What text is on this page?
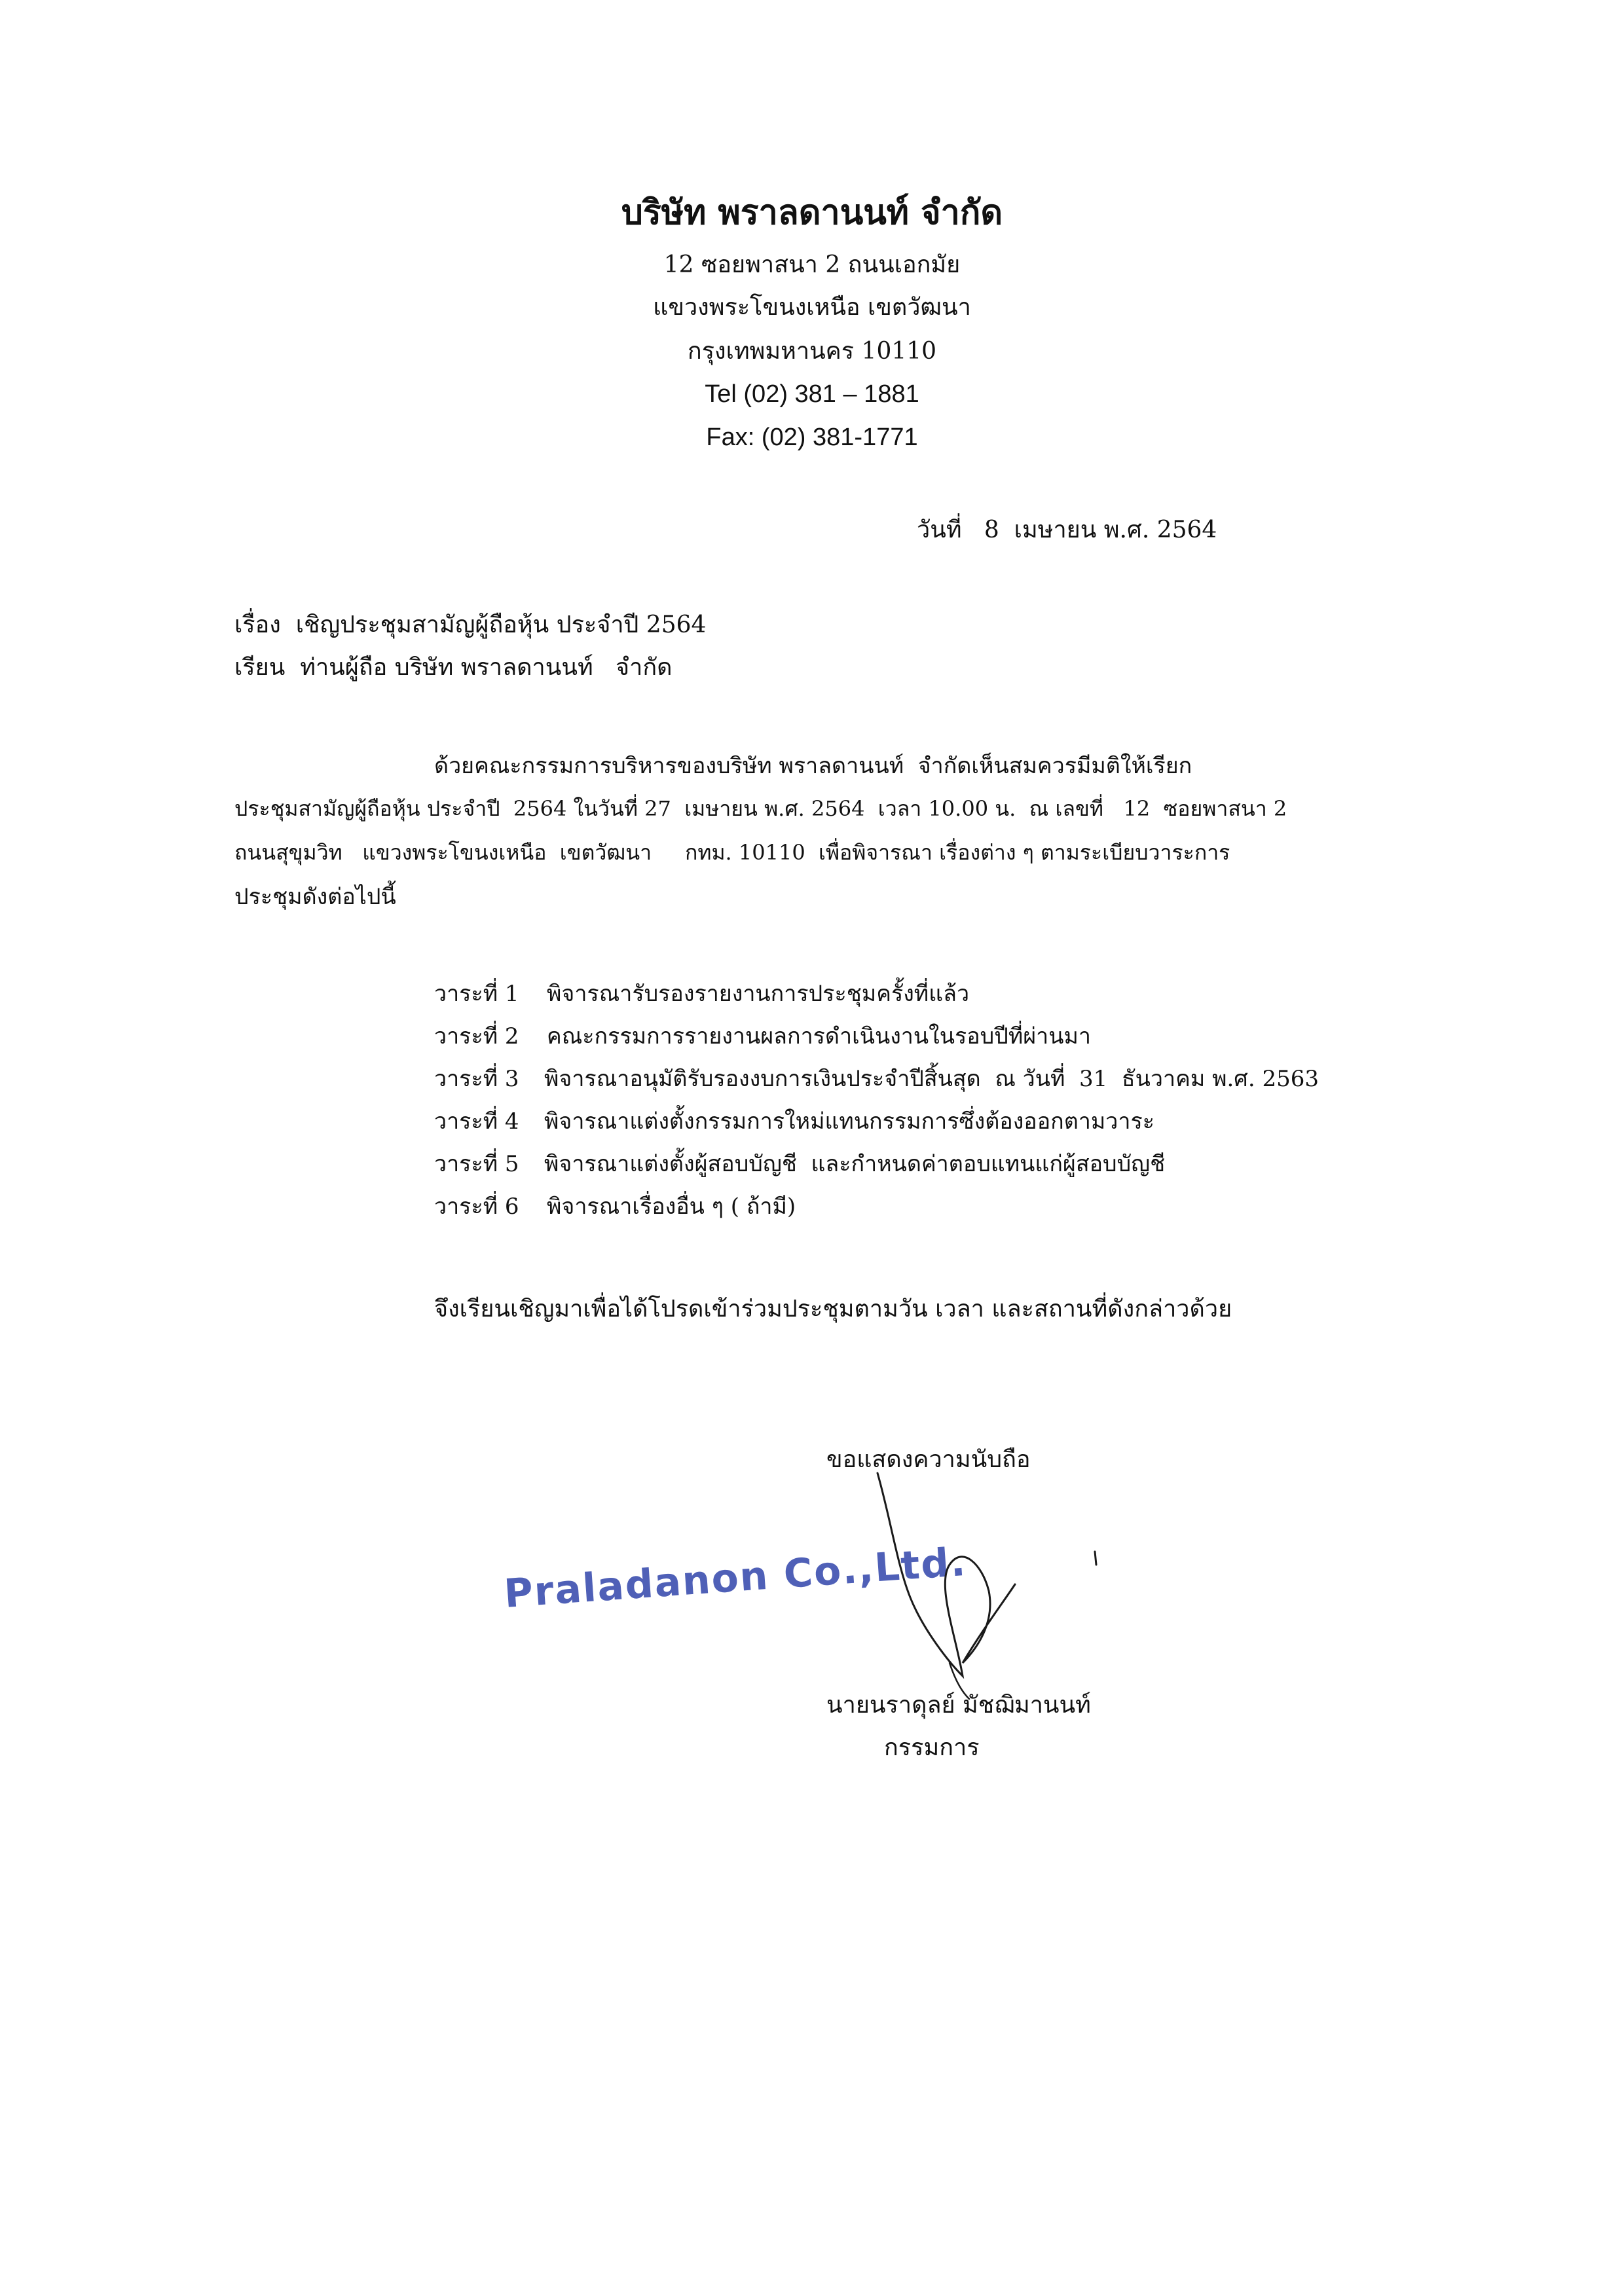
บริษัท พราลดานนท์ จำกัด

12 ซอยพาสนา 2 ถนนเอกมัย

แขวงพระโขนงเหนือ เขตวัฒนา

กรุงเทพมหานคร 10110

Tel (02) 381 – 1881

Fax: (02) 381-1771

วันที่   8  เมษายน พ.ศ. 2564
เรื่อง  เชิญประชุมสามัญผู้ถือหุ้น ประจำปี 2564
เรียน  ท่านผู้ถือ บริษัท พราลดานนท์   จำกัด
ด้วยคณะกรรมการบริหารของบริษัท พราลดานนท์  จำกัดเห็นสมควรมีมติให้เรียก
ประชุมสามัญผู้ถือหุ้น ประจำปี  2564 ในวันที่ 27  เมษายน พ.ศ. 2564  เวลา 10.00 น.  ณ เลขที่   12  ซอยพาสนา 2
ถนนสุขุมวิท   แขวงพระโขนงเหนือ  เขตวัฒนา     กทม. 10110  เพื่อพิจารณา เรื่องต่าง ๆ ตามระเบียบวาระการ
ประชุมดังต่อไปนี้
วาระที่ 1 พิจารณารับรองรายงานการประชุมครั้งที่แล้ว
วาระที่ 2 คณะกรรมการรายงานผลการดำเนินงานในรอบปีที่ผ่านมา
วาระที่ 3 พิจารณาอนุมัติรับรองงบการเงินประจำปีสิ้นสุด  ณ วันที่  31  ธันวาคม พ.ศ. 2563
วาระที่ 4 พิจารณาแต่งตั้งกรรมการใหม่แทนกรรมการซึ่งต้องออกตามวาระ
วาระที่ 5 พิจารณาแต่งตั้งผู้สอบบัญชี  และกำหนดค่าตอบแทนแก่ผู้สอบบัญชี
วาระที่ 6 พิจารณาเรื่องอื่น ๆ ( ถ้ามี)
จึงเรียนเชิญมาเพื่อได้โปรดเข้าร่วมประชุมตามวัน เวลา และสถานที่ดังกล่าวด้วย
ขอแสดงความนับถือ
Praladanon Co.,Ltd.
นายนราดุลย์ มัชฌิมานนท์
กรรมการ
